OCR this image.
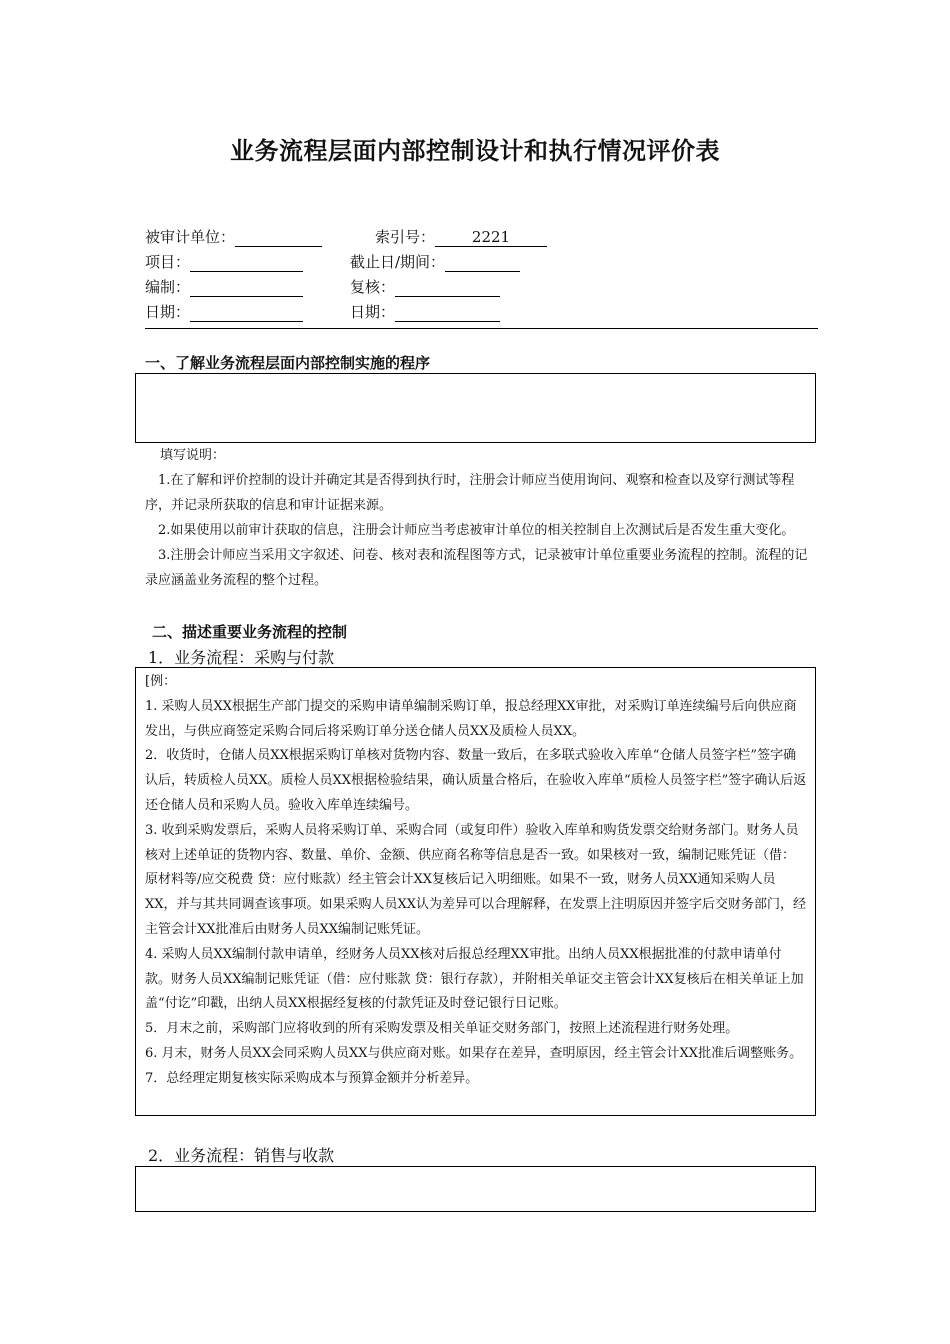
业务流程层面内部控制设计和执行情况评价表
被审计单位：	索引号： 2221
项目：	截止日/期间：
编制：	复核：
日期：	日期：
一、了解业务流程层面内部控制实施的程序

填写说明：

1.在了解和评价控制的设计并确定其是否得到执行时，注册会计师应当使用询问、观察和检查以及穿行测试等程序，并记录所获取的信息和审计证据来源。

2.如果使用以前审计获取的信息，注册会计师应当考虑被审计单位的相关控制自上次测试后是否发生重大变化。

3.注册会计师应当采用文字叙述、问卷、核对表和流程图等方式，记录被审计单位重要业务流程的控制。流程的记录应涵盖业务流程的整个过程。

二、描述重要业务流程的控制
1．业务流程：采购与付款

[例：

1. 采购人员XX根据生产部门提交的采购申请单编制采购订单，报总经理XX审批，对采购订单连续编号后向供应商发出，与供应商签定采购合同后将采购订单分送仓储人员XX及质检人员XX。

2．收货时，仓储人员XX根据采购订单核对货物内容、数量一致后，在多联式验收入库单“仓储人员签字栏”签字确认后，转质检人员XX。质检人员XX根据检验结果，确认质量合格后，在验收入库单“质检人员签字栏”签字确认后返还仓储人员和采购人员。验收入库单连续编号。

3. 收到采购发票后，采购人员将采购订单、采购合同（或复印件）验收入库单和购货发票交给财务部门。财务人员核对上述单证的货物内容、数量、单价、金额、供应商名称等信息是否一致。如果核对一致，编制记账凭证（借：原材料等/应交税费 贷：应付账款）经主管会计XX复核后记入明细账。如果不一致，财务人员XX通知采购人员XX，并与其共同调查该事项。如果采购人员XX认为差异可以合理解释，在发票上注明原因并签字后交财务部门，经主管会计XX批准后由财务人员XX编制记账凭证。

4. 采购人员XX编制付款申请单，经财务人员XX核对后报总经理XX审批。出纳人员XX根据批准的付款申请单付款。财务人员XX编制记账凭证（借：应付账款 贷：银行存款），并附相关单证交主管会计XX复核后在相关单证上加盖“付讫”印戳，出纳人员XX根据经复核的付款凭证及时登记银行日记账。

5．月末之前，采购部门应将收到的所有采购发票及相关单证交财务部门，按照上述流程进行财务处理。

6. 月末，财务人员XX会同采购人员XX与供应商对账。如果存在差异，查明原因，经主管会计XX批准后调整账务。

7．总经理定期复核实际采购成本与预算金额并分析差异。

2．业务流程：销售与收款
